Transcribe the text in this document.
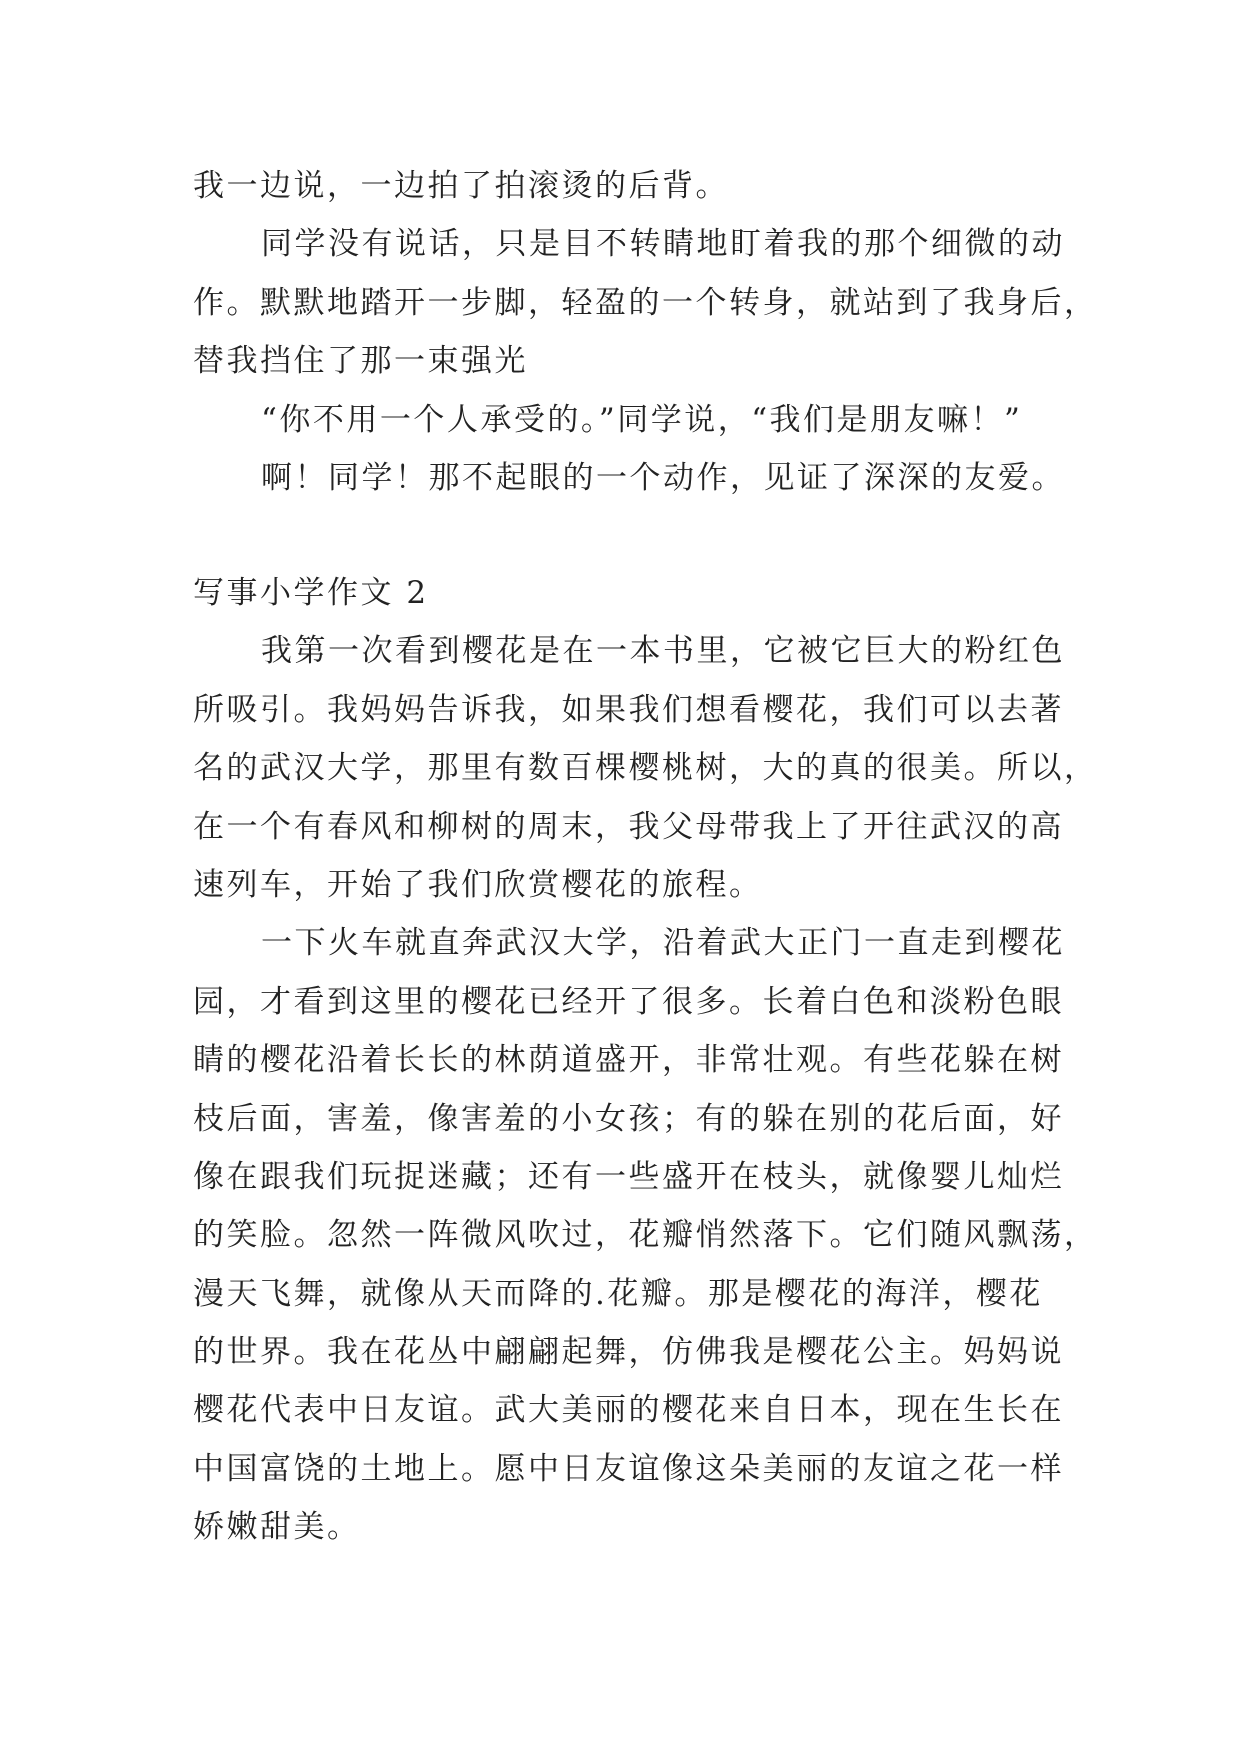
我一边说，一边拍了拍滚烫的后背。
同学没有说话，只是目不转睛地盯着我的那个细微的动
作。默默地踏开一步脚，轻盈的一个转身，就站到了我身后，
替我挡住了那一束强光
“你不用一个人承受的。”同学说，“我们是朋友嘛！”
啊！同学！那不起眼的一个动作，见证了深深的友爱。
写事小学作文 2
我第一次看到樱花是在一本书里，它被它巨大的粉红色
所吸引。我妈妈告诉我，如果我们想看樱花，我们可以去著
名的武汉大学，那里有数百棵樱桃树，大的真的很美。所以，
在一个有春风和柳树的周末，我父母带我上了开往武汉的高
速列车，开始了我们欣赏樱花的旅程。
一下火车就直奔武汉大学，沿着武大正门一直走到樱花
园，才看到这里的樱花已经开了很多。长着白色和淡粉色眼
睛的樱花沿着长长的林荫道盛开，非常壮观。有些花躲在树
枝后面，害羞，像害羞的小女孩；有的躲在别的花后面，好
像在跟我们玩捉迷藏；还有一些盛开在枝头，就像婴儿灿烂
的笑脸。忽然一阵微风吹过，花瓣悄然落下。它们随风飘荡，
漫天飞舞，就像从天而降的.花瓣。那是樱花的海洋，樱花
的世界。我在花丛中翩翩起舞，仿佛我是樱花公主。妈妈说
樱花代表中日友谊。武大美丽的樱花来自日本，现在生长在
中国富饶的土地上。愿中日友谊像这朵美丽的友谊之花一样
娇嫩甜美。
